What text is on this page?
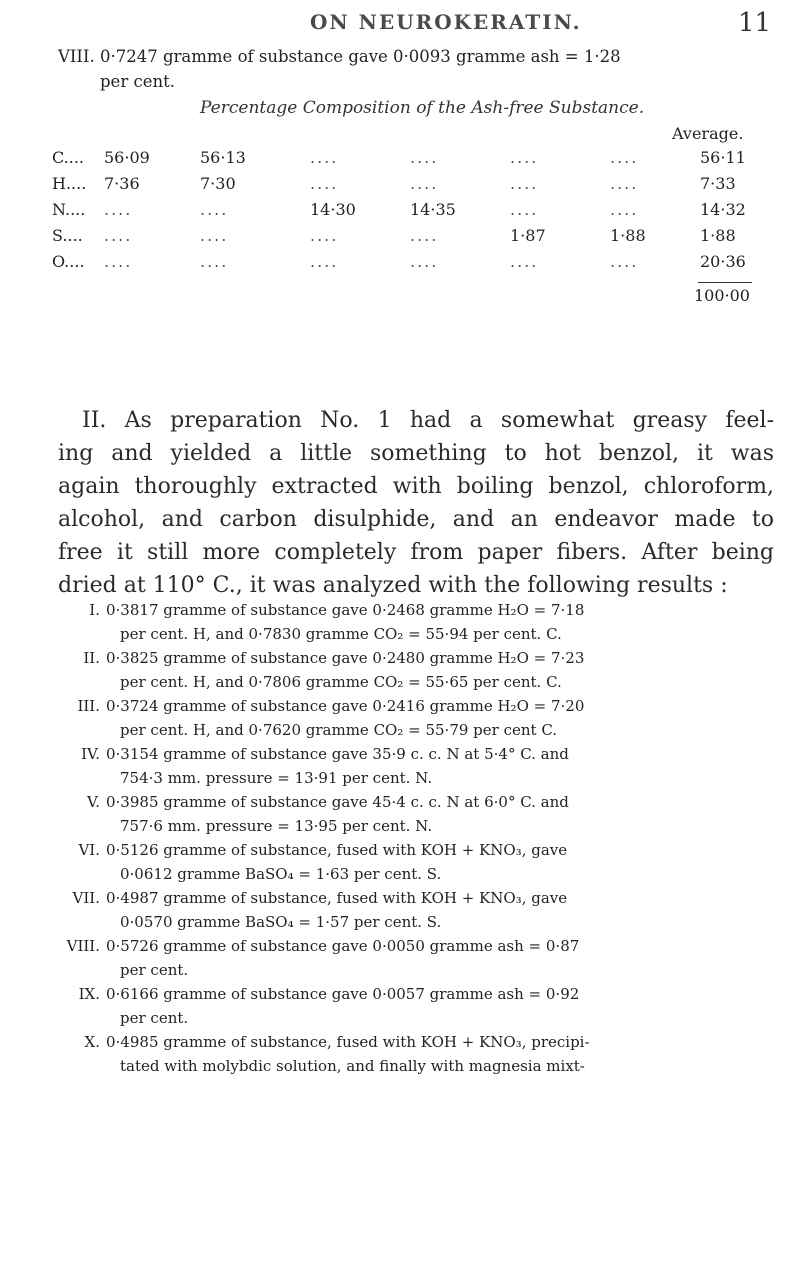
ON NEUROKERATIN.	11
VIII. 0·7247 gramme of substance gave 0·0093 gramme ash = 1·28
per cent.
Percentage Composition of the Ash-free Substance.
Average.
C.... 56·09	56·13	....	....	....	....	56·11
H.... 7·36	7·30	....	....	....	....	7·33
N.... ....	....	14·30	14·35	....	....	14·32
S.... ....	....	....	....	1·87	1·88	1·88
O.... ....	....	....	....	....	....	20·36
100·00
II. As preparation No. 1 had a somewhat greasy feel-
ing and yielded a little something to hot benzol, it was
again thoroughly extracted with boiling benzol, chloroform,
alcohol, and carbon disulphide, and an endeavor made to
free it still more completely from paper fibers. After being
dried at 110° C., it was analyzed with the following results :
I. 0·3817 gramme of substance gave 0·2468 gramme H₂O = 7·18
per cent. H, and 0·7830 gramme CO₂ = 55·94 per cent. C.
II. 0·3825 gramme of substance gave 0·2480 gramme H₂O = 7·23
per cent. H, and 0·7806 gramme CO₂ = 55·65 per cent. C.
III. 0·3724 gramme of substance gave 0·2416 gramme H₂O = 7·20
per cent. H, and 0·7620 gramme CO₂ = 55·79 per cent C.
IV. 0·3154 gramme of substance gave 35·9 c. c. N at 5·4° C. and
754·3 mm. pressure = 13·91 per cent. N.
V. 0·3985 gramme of substance gave 45·4 c. c. N at 6·0° C. and
757·6 mm. pressure = 13·95 per cent. N.
VI. 0·5126 gramme of substance, fused with KOH + KNO₃, gave
0·0612 gramme BaSO₄ = 1·63 per cent. S.
VII. 0·4987 gramme of substance, fused with KOH + KNO₃, gave
0·0570 gramme BaSO₄ = 1·57 per cent. S.
VIII. 0·5726 gramme of substance gave 0·0050 gramme ash = 0·87
per cent.
IX. 0·6166 gramme of substance gave 0·0057 gramme ash = 0·92
per cent.
X. 0·4985 gramme of substance, fused with KOH + KNO₃, precipi-
tated with molybdic solution, and finally with magnesia mixt-
